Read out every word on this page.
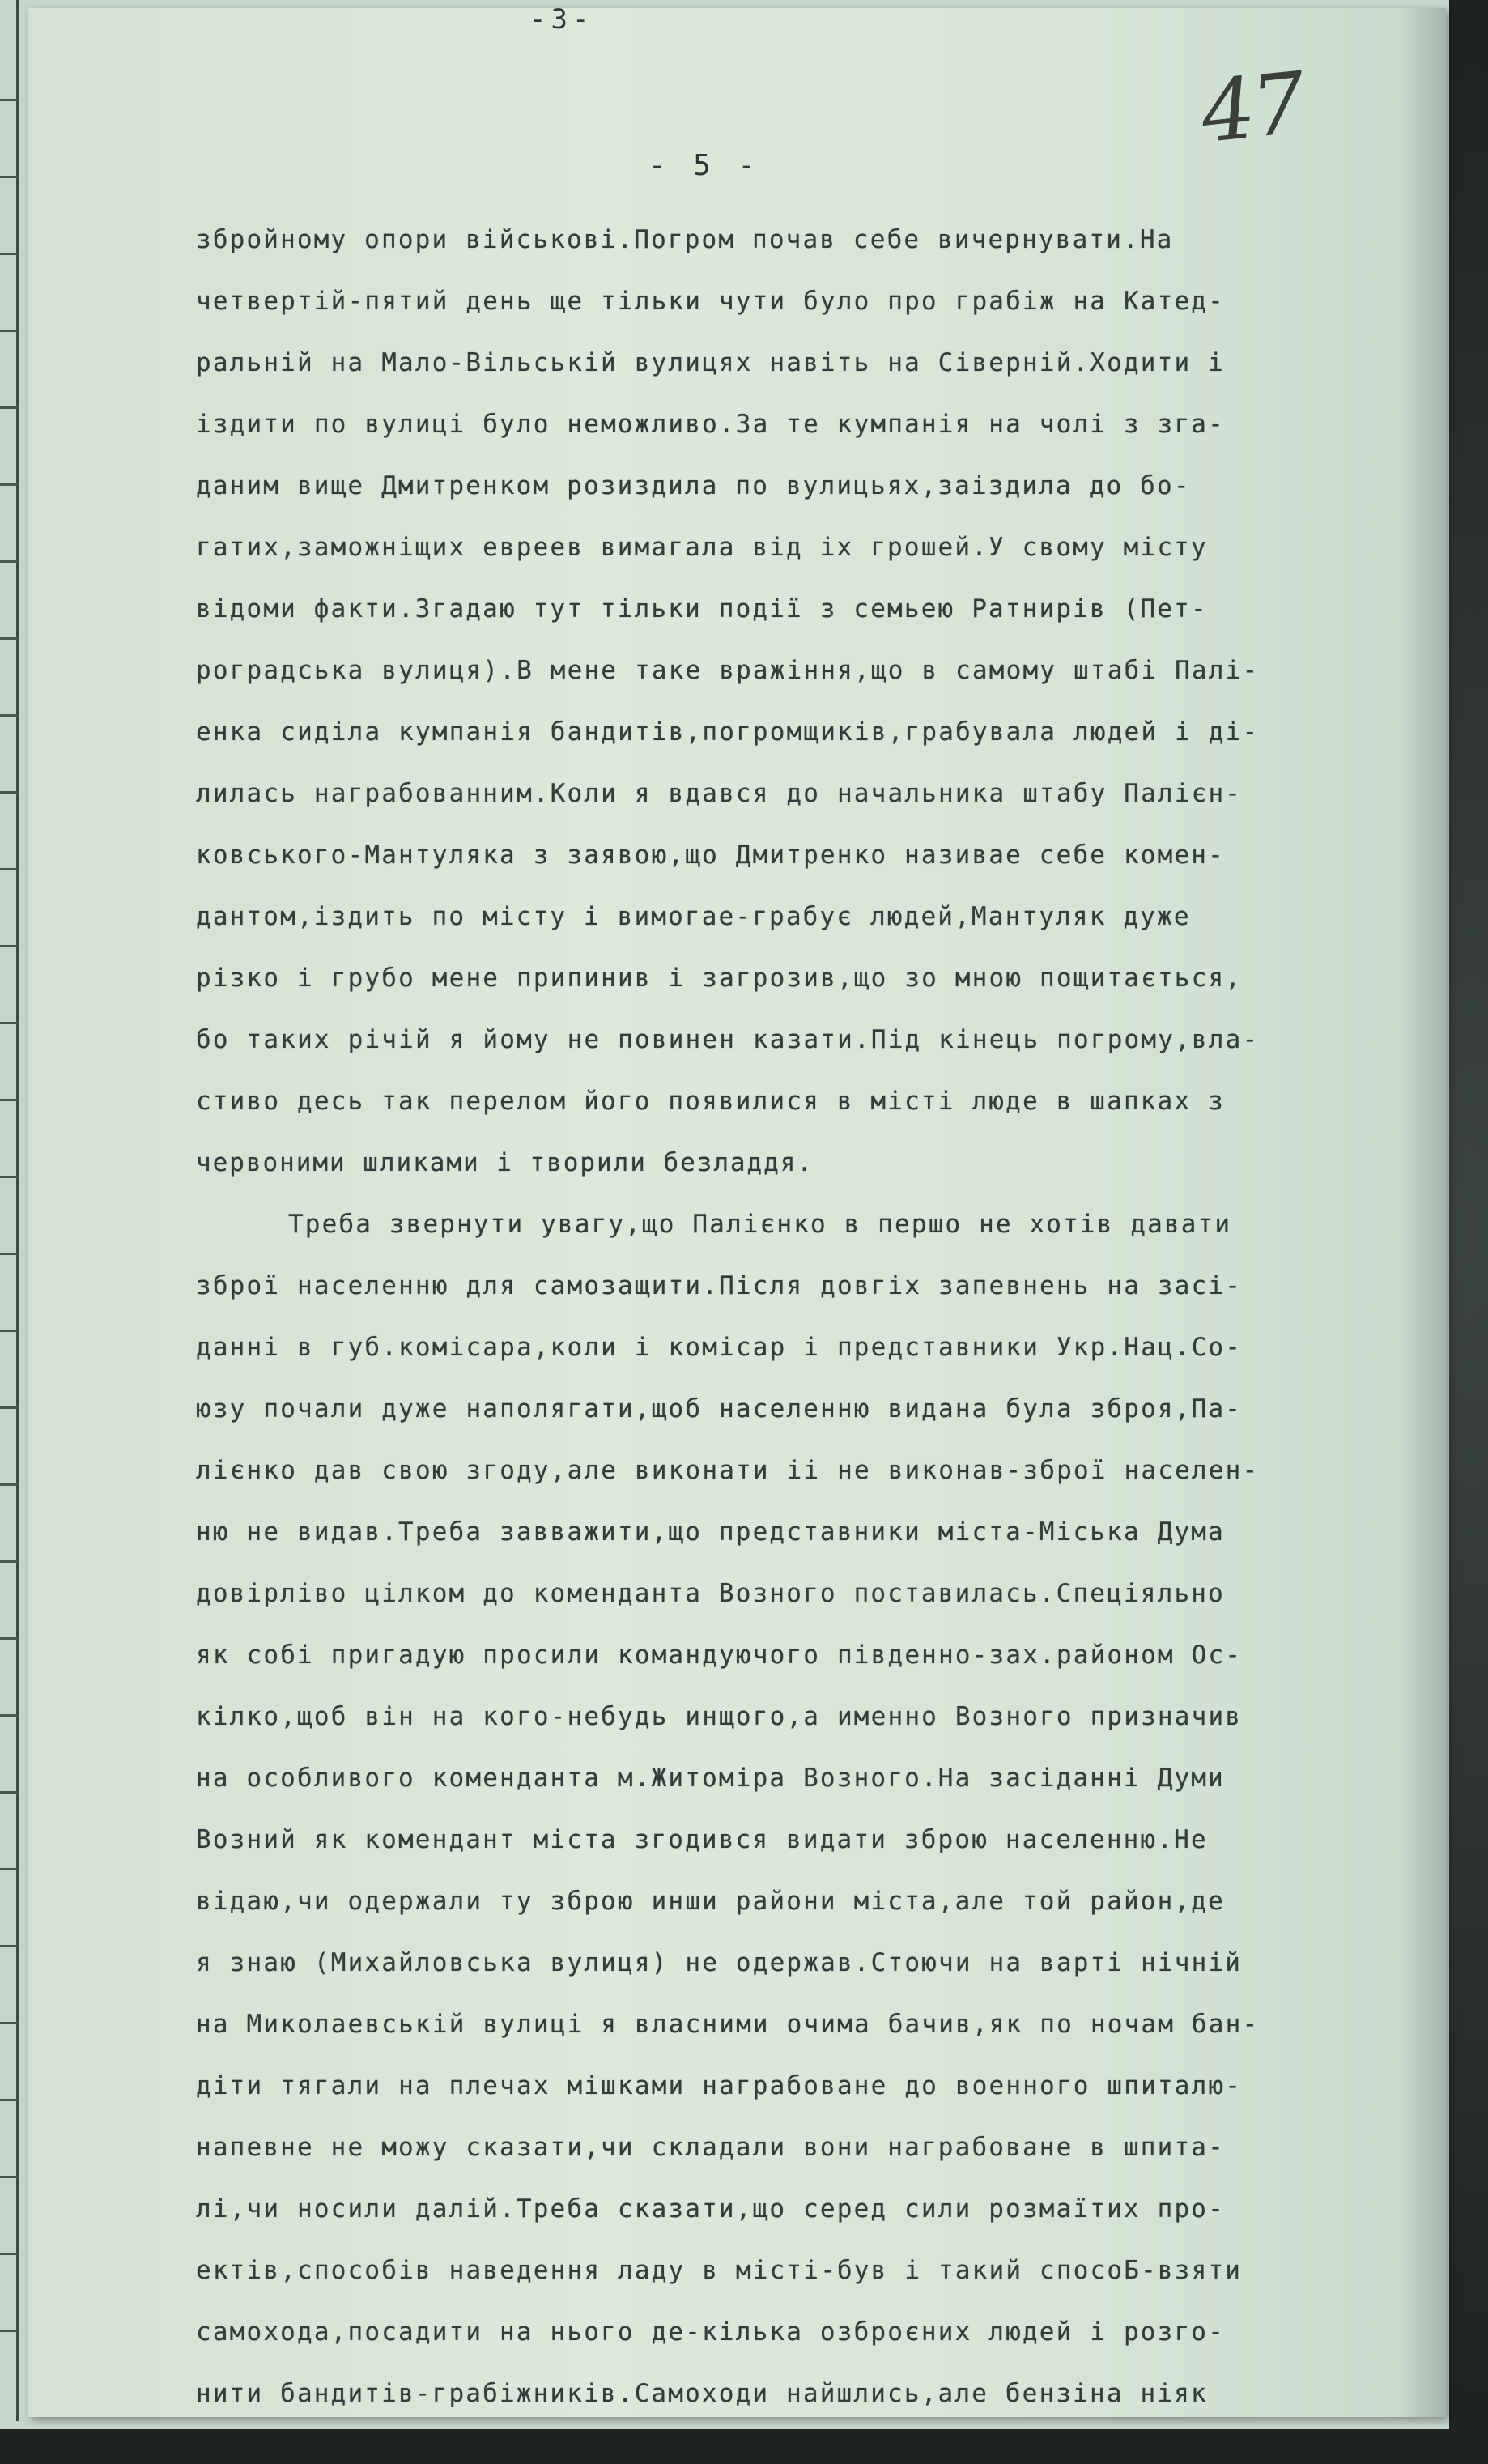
-3-
47
- 5 -
збройному опори військові.Погром почав себе вичернувати.На
четвертій-пятий день ще тільки чути було про грабіж на Катед-
ральній на Мало-Вільській вулицях навіть на Сіверній.Ходити і
іздити по вулиці було неможливо.За те кумпанія на чолі з зга-
даним вище Дмитренком розиздила по вулицьях,заіздила до бо-
гатих,заможніщих евреев вимагала від іх грошей.У свому місту
відоми факти.Згадаю тут тільки події з семьею Ратнирів (Пет-
роградська вулиця).В мене таке вражіння,що в самому штабі Палі-
енка сиділа кумпанія бандитів,погромщиків,грабувала людей і ді-
лилась награбованним.Коли я вдався до начальника штабу Палієн-
ковського-Мантуляка з заявою,що Дмитренко називае себе комен-
дантом,іздить по місту і вимогае-грабує людей,Мантуляк дуже
різко і грубо мене припинив і загрозив,що зо мною пощитається,
бо таких річій я йому не повинен казати.Під кінець погрому,вла-
стиво десь так перелом його появилися в місті люде в шапках з
червоними шликами і творили безладдя.
Треба звернути увагу,що Палієнко в першо не хотів давати
зброї населенню для самозащити.Після довгіх запевнень на засі-
данні в губ.комісара,коли і комісар і представники Укр.Нац.Со-
юзу почали дуже наполягати,щоб населенню видана була зброя,Па-
лієнко дав свою згоду,але виконати іі не виконав-зброї населен-
ню не видав.Треба завважити,що представники міста-Міська Дума
довірліво цілком до коменданта Возного поставилась.Спеціяльно
як собі пригадую просили командуючого південно-зах.районом Ос-
кілко,щоб він на кого-небудь инщого,а именно Возного призначив
на особливого коменданта м.Житоміра Возного.На засіданні Думи
Возний як комендант міста згодився видати зброю населенню.Не
відаю,чи одержали ту зброю инши райони міста,але той район,де
я знаю (Михайловська вулиця) не одержав.Стоючи на варті нічній
на Миколаевській вулиці я власними очима бачив,як по ночам бан-
діти тягали на плечах мішками награбоване до военного шпиталю-
напевне не можу сказати,чи складали вони награбоване в шпита-
лі,чи носили далій.Треба сказати,що серед сили розмаїтих про-
ектів,способів наведення ладу в місті-був і такий спосоБ-взяти
самохода,посадити на нього де-кілька озброєних людей і розго-
нити бандитів-грабіжників.Самоходи найшлись,але бензіна ніяк
